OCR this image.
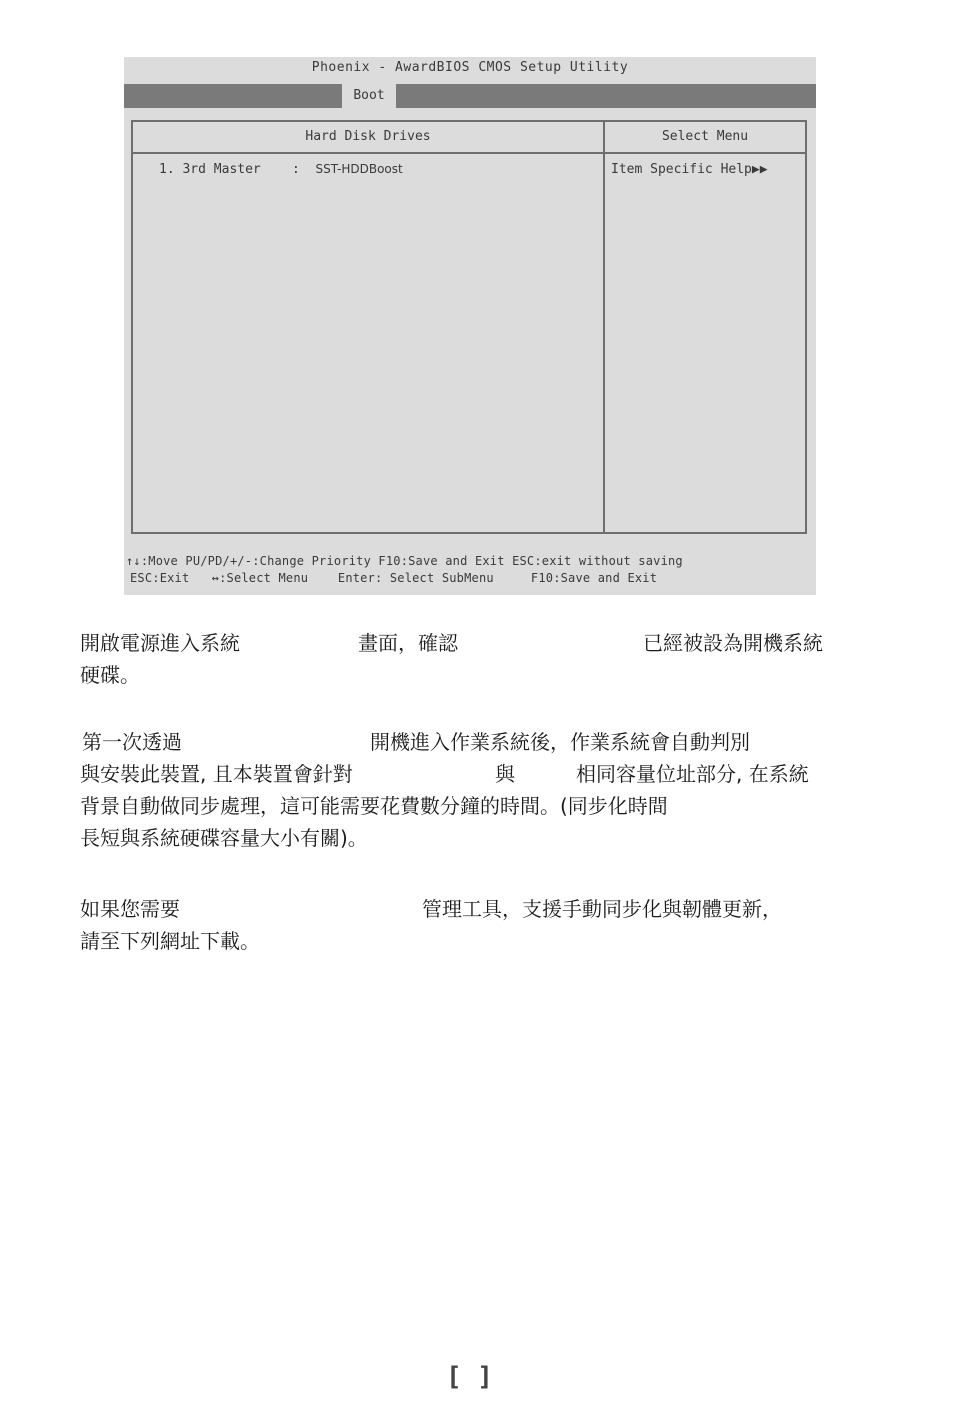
Phoenix - AwardBIOS CMOS Setup Utility
Boot
Hard Disk Drives	Select Menu
1. 3rd Master    :  SST-HDDBoost	Item Specific Help▶▶
↑↓:Move PU/PD/+/-:Change Priority F10:Save and Exit ESC:exit without saving
ESC:Exit   ↔:Select Menu    Enter: Select SubMenu     F10:Save and Exit
開啟電源進入系統	畫面，確認	已經被設為開機系統
硬碟。
第一次透過	開機進入作業系統後，作業系統會自動判別
與安裝此裝置, 且本裝置會針對	與	相同容量位址部分, 在系統
背景自動做同步處理，這可能需要花費數分鐘的時間。(同步化時間
長短與系統硬碟容量大小有關)。
如果您需要	管理工具，支援手動同步化與韌體更新，
請至下列網址下載。
[ ]
